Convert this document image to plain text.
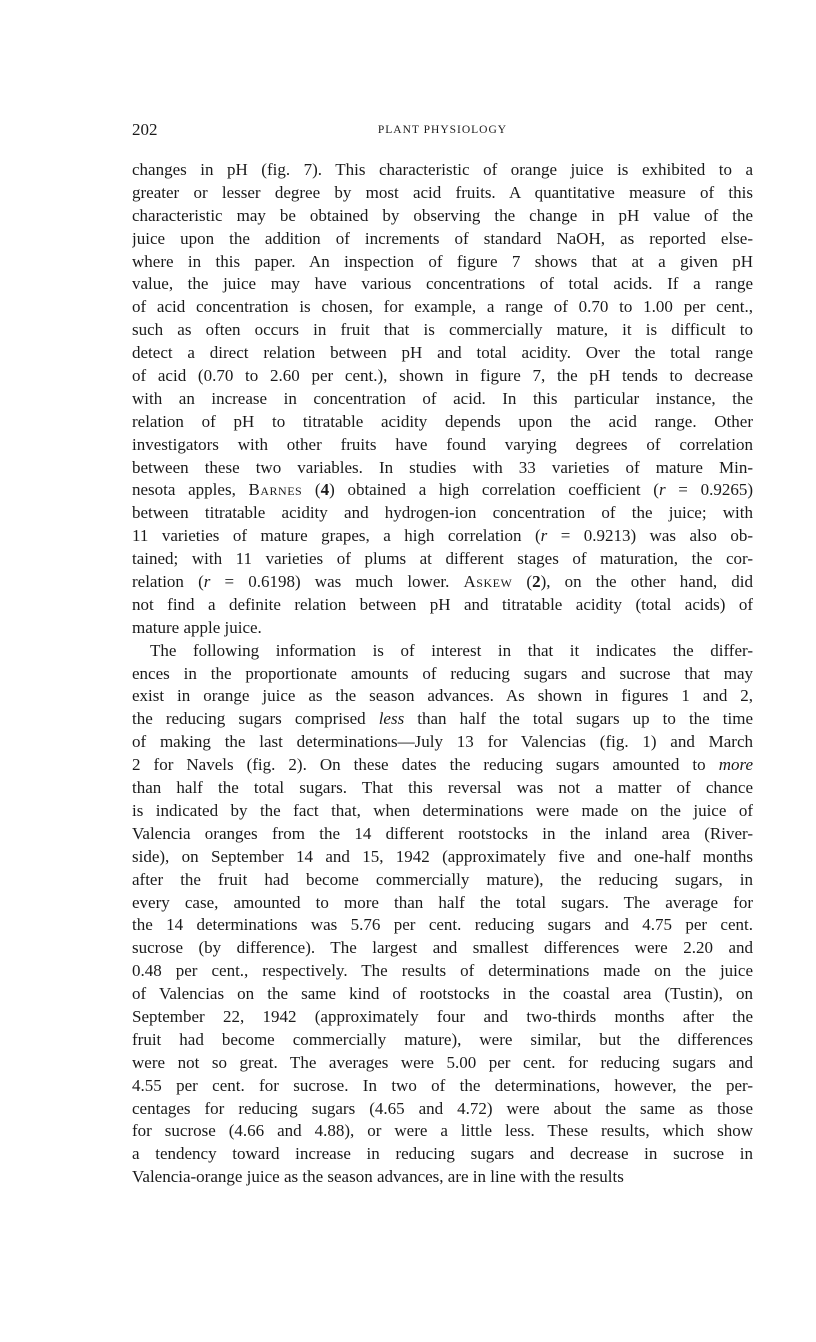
202	PLANT PHYSIOLOGY
changes in pH (fig. 7). This characteristic of orange juice is exhibited to a
greater or lesser degree by most acid fruits. A quantitative measure of this
characteristic may be obtained by observing the change in pH value of the
juice upon the addition of increments of standard NaOH, as reported else-
where in this paper. An inspection of figure 7 shows that at a given pH
value, the juice may have various concentrations of total acids. If a range
of acid concentration is chosen, for example, a range of 0.70 to 1.00 per cent.,
such as often occurs in fruit that is commercially mature, it is difficult to
detect a direct relation between pH and total acidity. Over the total range
of acid (0.70 to 2.60 per cent.), shown in figure 7, the pH tends to decrease
with an increase in concentration of acid. In this particular instance, the
relation of pH to titratable acidity depends upon the acid range. Other
investigators with other fruits have found varying degrees of correlation
between these two variables. In studies with 33 varieties of mature Min-
nesota apples, Barnes (4) obtained a high correlation coefficient (r = 0.9265)
between titratable acidity and hydrogen-ion concentration of the juice; with
11 varieties of mature grapes, a high correlation (r = 0.9213) was also ob-
tained; with 11 varieties of plums at different stages of maturation, the cor-
relation (r = 0.6198) was much lower. Askew (2), on the other hand, did
not find a definite relation between pH and titratable acidity (total acids) of
mature apple juice.
The following information is of interest in that it indicates the differ-
ences in the proportionate amounts of reducing sugars and sucrose that may
exist in orange juice as the season advances. As shown in figures 1 and 2,
the reducing sugars comprised less than half the total sugars up to the time
of making the last determinations—July 13 for Valencias (fig. 1) and March
2 for Navels (fig. 2). On these dates the reducing sugars amounted to more
than half the total sugars. That this reversal was not a matter of chance
is indicated by the fact that, when determinations were made on the juice of
Valencia oranges from the 14 different rootstocks in the inland area (River-
side), on September 14 and 15, 1942 (approximately five and one-half months
after the fruit had become commercially mature), the reducing sugars, in
every case, amounted to more than half the total sugars. The average for
the 14 determinations was 5.76 per cent. reducing sugars and 4.75 per cent.
sucrose (by difference). The largest and smallest differences were 2.20 and
0.48 per cent., respectively. The results of determinations made on the juice
of Valencias on the same kind of rootstocks in the coastal area (Tustin), on
September 22, 1942 (approximately four and two-thirds months after the
fruit had become commercially mature), were similar, but the differences
were not so great. The averages were 5.00 per cent. for reducing sugars and
4.55 per cent. for sucrose. In two of the determinations, however, the per-
centages for reducing sugars (4.65 and 4.72) were about the same as those
for sucrose (4.66 and 4.88), or were a little less. These results, which show
a tendency toward increase in reducing sugars and decrease in sucrose in
Valencia-orange juice as the season advances, are in line with the results
